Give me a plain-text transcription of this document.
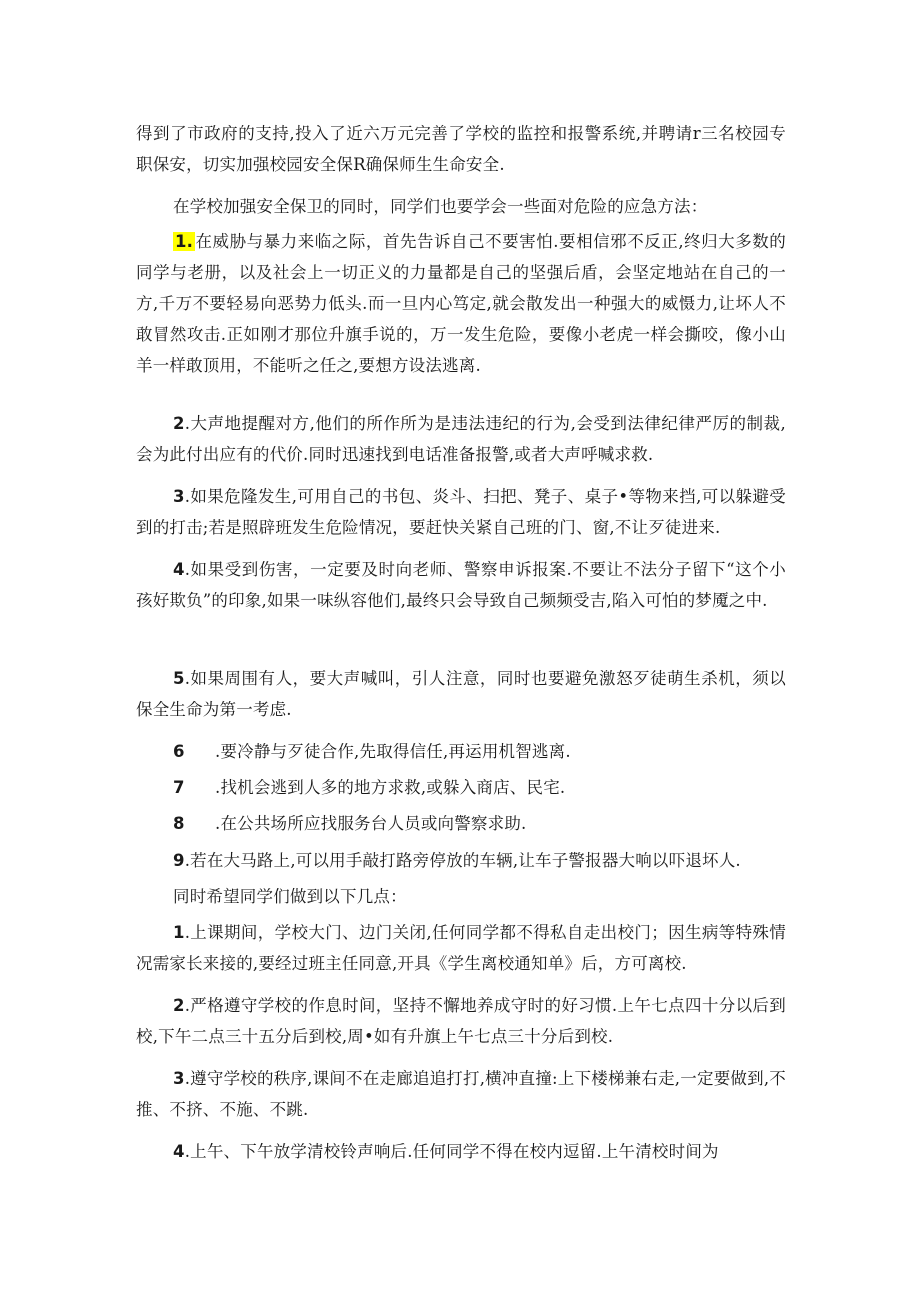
得到了市政府的支持,投入了近六万元完善了学校的监控和报警系统,并聘请r三名校园专职保安，切实加强校园安全保R确保师生生命安全.

在学校加强安全保卫的同时，同学们也要学会一些面对危险的应急方法：

1. 在威胁与暴力来临之际，首先告诉自己不要害怕.要相信邪不反正,终归大多数的同学与老册，以及社会上一切正义的力量都是自己的坚强后盾，会坚定地站在自己的一方,千万不要轻易向恶势力低头.而一旦内心笃定,就会散发出一种强大的威慑力,让坏人不敢冒然攻击.正如刚才那位升旗手说的，万一发生危险，要像小老虎一样会撕咬，像小山羊一样敢顶用，不能听之任之,要想方设法逃离.

2.大声地提醒对方,他们的所作所为是违法违纪的行为,会受到法律纪律严厉的制裁,会为此付出应有的代价.同时迅速找到电话准备报警,或者大声呼喊求救.

3.如果危隆发生,可用自己的书包、炎斗、扫把、凳子、桌子•等物来挡,可以躲避受到的打击;若是照辟班发生危险情况，要赶快关紧自己班的门、窗,不让歹徒进来.

4.如果受到伤害，一定要及时向老师、警察申诉报案.不要让不法分子留下“这个小孩好欺负”的印象,如果一味纵容他们,最终只会导致自己频频受吉,陷入可怕的梦魇之中.

5.如果周围有人，要大声喊叫，引人注意，同时也要避免激怒歹徒萌生杀机，须以保全生命为第一考虑.

6 .要冷静与歹徒合作,先取得信任,再运用机智逃离.

7 .找机会逃到人多的地方求救,或躲入商店、民宅.

8 .在公共场所应找服务台人员或向警察求助.

9.若在大马路上,可以用手敲打路旁停放的车辆,让车子警报器大响以吓退坏人.

同时希望同学们做到以下几点：

1.上课期间，学校大门、边门关闭,任何同学都不得私自走出校门；因生病等特殊情况需家长来接的,要经过班主任同意,开具《学生离校通知单》后，方可离校.

2.严格遵守学校的作息时间，坚持不懈地养成守时的好习惯.上午七点四十分以后到校,下午二点三十五分后到校,周•如有升旗上午七点三十分后到校.

3.遵守学校的秩序,课间不在走廊追追打打,横冲直撞:上下楼梯兼右走,一定要做到,不推、不挤、不施、不跳.

4.上午、下午放学清校铃声响后.任何同学不得在校内逗留.上午清校时间为
